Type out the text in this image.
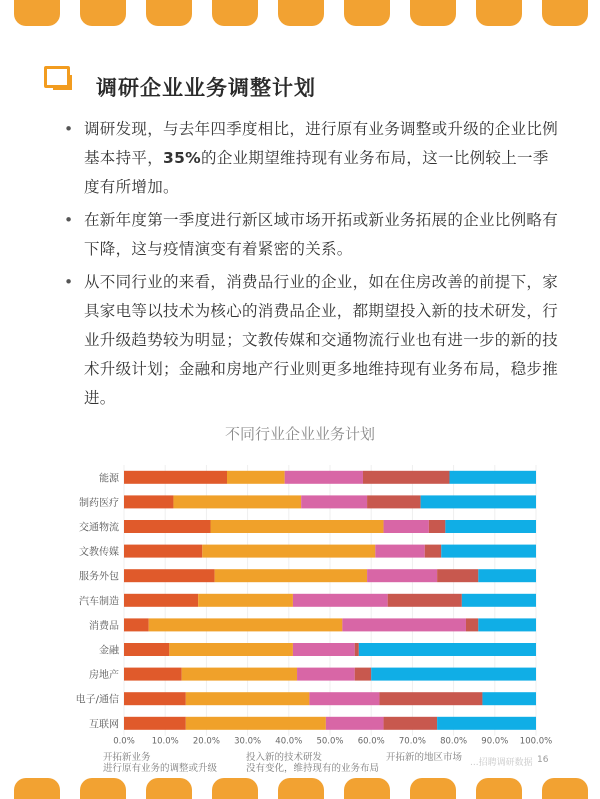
调研企业业务调整计划
• 调研发现，与去年四季度相比，进行原有业务调整或升级的企业比例基本持平，35%的企业期望维持现有业务布局，这一比例较上一季度有所增加。
• 在新年度第一季度进行新区域市场开拓或新业务拓展的企业比例略有下降，这与疫情演变有着紧密的关系。
• 从不同行业的来看，消费品行业的企业，如在住房改善的前提下，家具家电等以技术为核心的消费品企业，都期望投入新的技术研发，行业升级趋势较为明显；文教传媒和交通物流行业也有进一步的新的技术升级计划；金融和房地产行业则更多地维持现有业务布局，稳步推进。
不同行业企业业务计划
0.0% 10.0% 20.0% 30.0% 40.0% 50.0% 60.0% 70.0% 80.0% 90.0% 100.0%
能源
制药医疗
交通物流
文教传媒
服务外包
汽车制造
消费品
金融
房地产
电子/通信
互联网
开拓新业务
进行原有业务的调整或升级
投入新的技术研发
没有变化，维持现有的业务布局
开拓新的地区市场 ...招聘调研数据 16
